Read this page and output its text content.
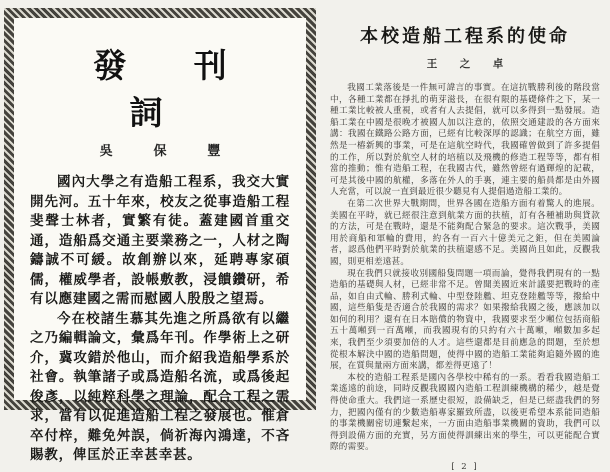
發 刊 詞
吳 保 豐

國內大學之有造船工程系，我交大實開先河。五十年來，校友之從事造船工程斐聲士林者，實繁有徒。蓋建國首重交通，造船爲交通主要業務之一，人材之陶鑄誠不可緩。故創辦以來，延聘專家碩儒，權威學者，設帳敷教，浸饋鑽研，希有以應建國之需而慰國人殷殷之望焉。

今在校諸生慕其先進之所爲欲有以繼之乃編輯論文，彙爲年刊。作學術上之研介，冀攻錯於他山，而介紹我造船學系於社會。執筆諸子或爲造船名流，或爲後起俊彥，以純粹科學之理論，配合工程之需求，當有以促進造船工程之發展也。惟倉卒付梓，難免舛誤，倘祈海內鴻達，不吝賜教，俾匡於正幸甚幸甚。

本校造船工程系的使命
王 之 卓

我國工業落後是一件無可諱言的事實。在這抗戰勝利後的階段當中，各種工業都在掙扎的萌芽滋長，在很有限的基礎條件之下，某一種工業比較被人重視，或者有人去提倡，就可以多得到一點發展。造船工業在中國是很晚才被國人加以注意的，依照交通建設的各方面來講：我國在鐵路公路方面，已經有比較深厚的認識；在航空方面，雖然是一樁新興的事業，可是在這航空時代，我國確曾做到了許多提倡的工作，所以對於航空人材的培植以及飛機的修造工程等等，都有相當的推動；惟有造船工程，在我國古代，雖然曾經有過輝煌的記載，可是其後中國的航權，多落在外人的手裏，連主要的船員都是由外國人充當，可以說一直到最近很少聽見有人提倡過造船工業的。

在第二次世界大戰期間，世界各國在造船方面有着驚人的進展。美國在平時，就已經很注意到航業方面的扶植，訂有各種補助與貸款的方法，可是在戰時，還是不能夠配合緊急的要求。這次戰爭，美國用於商船和軍輪的費用，約各有一百六十億美元之鉅，但在美國論者，認爲他們平時對於航業的扶植還感不足。美國尚且如此，反觀我國，則更相差遠甚。

現在我們只就接收別國船隻問題一項而論，覺得我們現有的一點造船的基礎與人材，已經非常不足。曾聞美國近來計議要把戰時的產品，如自由式輪、勝利式輪、中型登陸艦、坦克登陸艦等等，撥給中國，這些船隻是否適合於我國的需求？如果撥給我國之後，應該加以如何的利用？還有在日本賠償的物資中，我國要求至少噸位包括商船五十萬噸到一百萬噸，而我國現有的只約有六十萬噸，噸數加多起來，我們至少須要加倍的人才。這些還都是目前應急的問題，至於想從根本解決中國的造船問題，使得中國的造船工業能夠追隨外國的進展，在質與量兩方面來講，都差得更遠了！

本校的造船工程系是國內各學校中稀有的一系。看看我國造船工業遙遠的前途，同時反觀我國國內造船工程訓練機構的稀少，越是覺得使命重大。我們這一系歷史很短，設備缺乏，但是已經盡我們的努力，把國內僅有的少數造船專家羅致所盡，以後更希望本系能同造船的事業機關密切連繫起來，一方面由造船事業機關的資助，我們可以得到設備方面的充實，另方面使得訓練出來的學生，可以更能配合實際的需要。

[ 2 ]
